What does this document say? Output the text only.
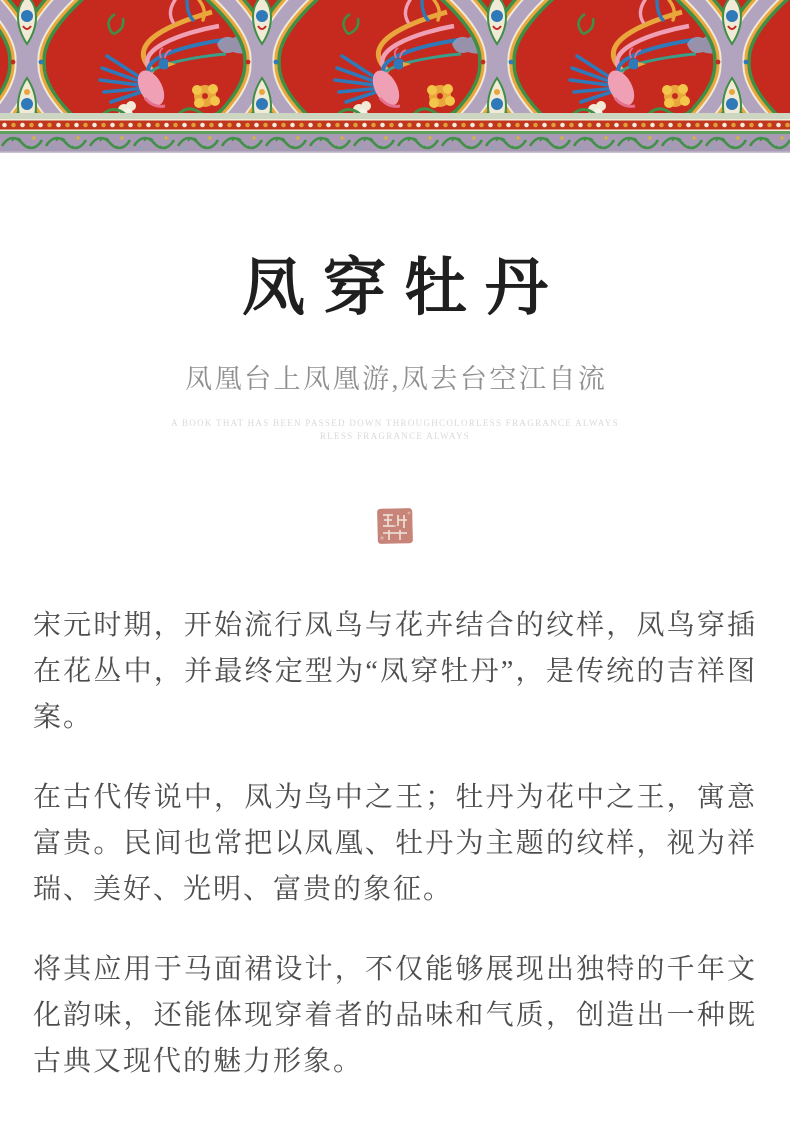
凤穿牡丹
凤凰台上凤凰游,凤去台空江自流
A BOOK THAT HAS BEEN PASSED DOWN THROUGHCOLORLESS FRAGRANCE ALWAYS
RLESS FRAGRANCE ALWAYS

宋元时期，开始流行凤鸟与花卉结合的纹样，凤鸟穿插在花丛中，并最终定型为“凤穿牡丹”，是传统的吉祥图案。

在古代传说中，凤为鸟中之王；牡丹为花中之王，寓意富贵。民间也常把以凤凰、牡丹为主题的纹样，视为祥瑞、美好、光明、富贵的象征。

将其应用于马面裙设计，不仅能够展现出独特的千年文化韵味，还能体现穿着者的品味和气质，创造出一种既古典又现代的魅力形象。
